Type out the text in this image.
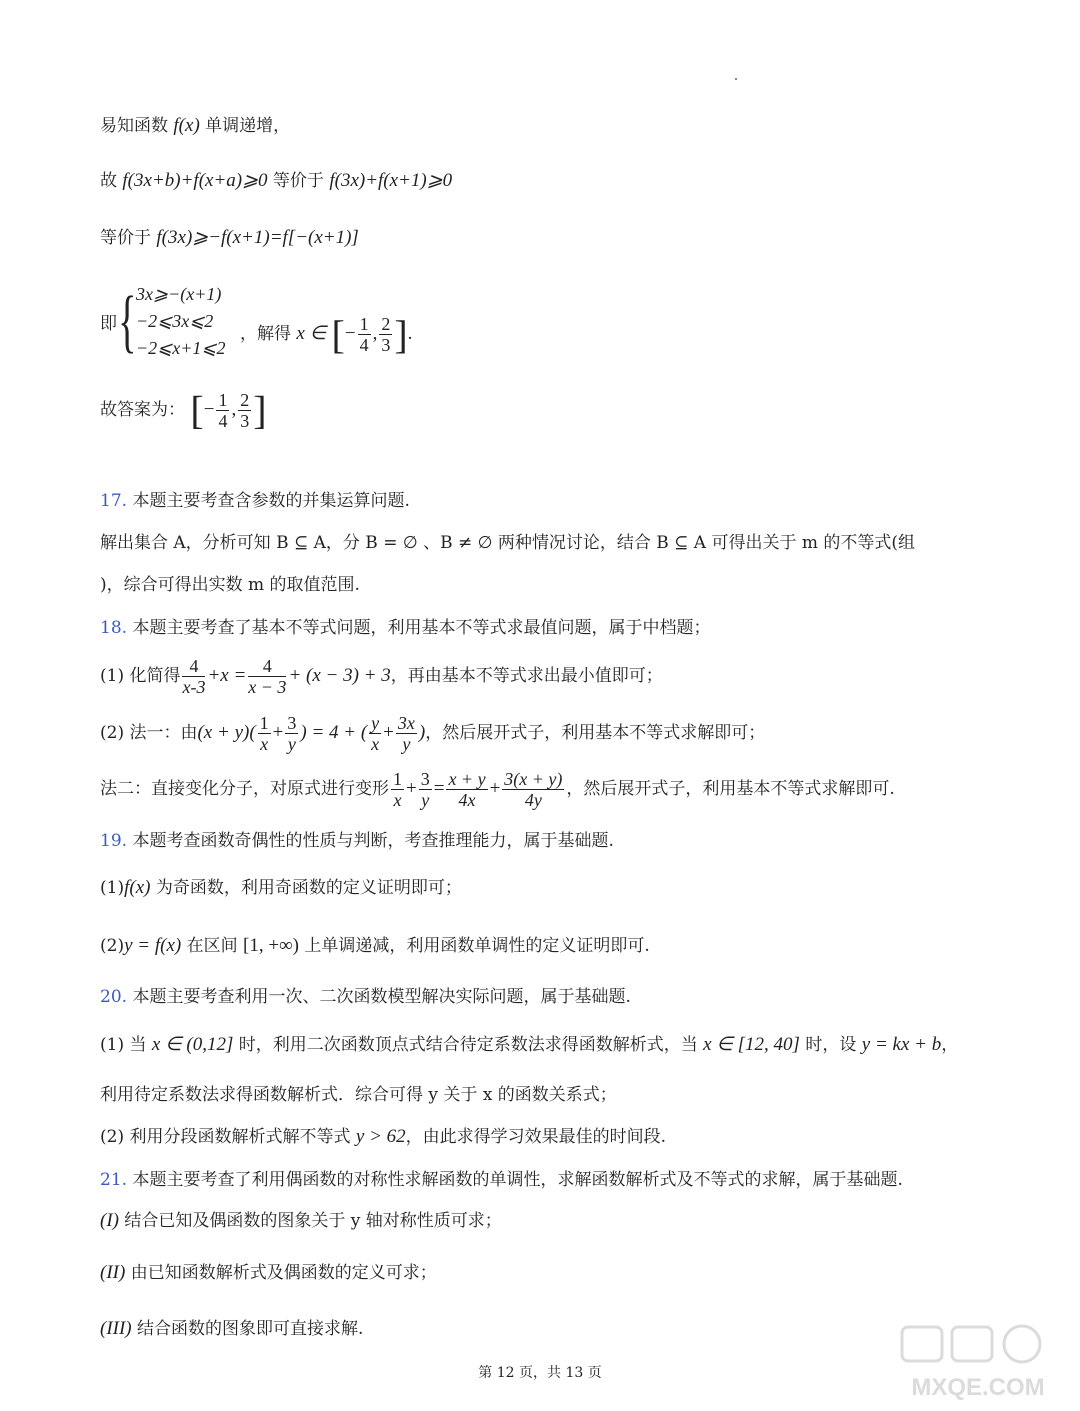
易知函数 f(x) 单调递增，
故 f(3x+b)+f(x+a)⩾0 等价于 f(3x)+f(x+1)⩾0
等价于 f(3x)⩾−f(x+1)=f[−(x+1)]
即 { 3x⩾−(x+1)
−2⩽3x⩽2
−2⩽x+1⩽2
，解得 x ∈ [− $\frac{1}{4}$ , $\frac{2}{3}$ ].
故答案为： [− $\frac{1}{4}$ , $\frac{2}{3}$ ]
17. 本题主要考查含参数的并集运算问题.
解出集合 A，分析可知 B ⊆ A，分 B = ∅ 、B ≠ ∅ 两种情况讨论，结合 B ⊆ A 可得出关于 m 的不等式(组
)，综合可得出实数 m 的取值范围.
18. 本题主要考查了基本不等式问题，利用基本不等式求最值问题，属于中档题；
(1) 化简得 $\frac{4}{x-3} +x = \frac{4}{x - 3} + (x - 3) + 3$，再由基本不等式求出最小值即可；
(2) 法一：由$(x + y)( \frac{1}{x} + \frac{3}{y}$ ) = 4 + ( $\frac{y}{x} + \frac{3x}{y}$ )，然后展开式子，利用基本不等式求解即可；
法二：直接变化分子，对原式进行变形 $\frac{1}{x} + \frac{3}{y} = \frac{x + y}{4x} + \frac{3(x + y)}{4y}$ ，然后展开式子，利用基本不等式求解即可.
19. 本题考查函数奇偶性的性质与判断，考查推理能力，属于基础题.
(1)f(x) 为奇函数，利用奇函数的定义证明即可；
(2)y = f(x) 在区间 [1, +∞) 上单调递减，利用函数单调性的定义证明即可.
20. 本题主要考查利用一次、二次函数模型解决实际问题，属于基础题.
(1) 当 x ∈ (0,12] 时，利用二次函数顶点式结合待定系数法求得函数解析式，当 x ∈ [12, 40] 时，设 y = kx + b，
利用待定系数法求得函数解析式．综合可得 y 关于 x 的函数关系式；
(2) 利用分段函数解析式解不等式 y > 62，由此求得学习效果最佳的时间段.
21. 本题主要考查了利用偶函数的对称性求解函数的单调性，求解函数解析式及不等式的求解，属于基础题.
(I) 结合已知及偶函数的图象关于 y 轴对称性质可求；
(II) 由已知函数解析式及偶函数的定义可求；
(III) 结合函数的图象即可直接求解.
第 12 页，共 13 页
MXQE.COM
